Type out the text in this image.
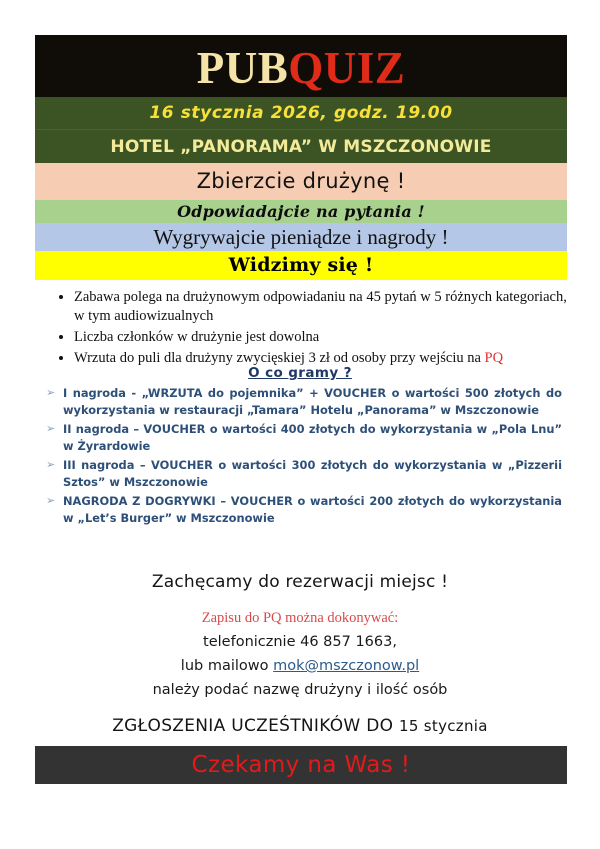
PUBQUIZ
16 stycznia 2026, godz. 19.00
HOTEL „PANORAMA” W MSZCZONOWIE
Zbierzcie drużynę !
Odpowiadajcie na pytania !
Wygrywajcie pieniądze i nagrody !
Widzimy się !
• Zabawa polega na drużynowym odpowiadaniu na 45 pytań w 5 różnych kategoriach, w tym audiowizualnych
• Liczba członków w drużynie jest dowolna
• Wrzuta do puli dla drużyny zwycięskiej 3 zł od osoby przy wejściu na PQ
O co gramy ?
➢ I nagroda - „WRZUTA do pojemnika” + VOUCHER o wartości 500 złotych do wykorzystania w restauracji „Tamara” Hotelu „Panorama” w Mszczonowie
➢ II nagroda – VOUCHER o wartości 400 złotych do wykorzystania w „Pola Lnu” w Żyrardowie
➢ III nagroda – VOUCHER o wartości 300 złotych do wykorzystania w „Pizzerii Sztos” w Mszczonowie
➢ NAGRODA Z DOGRYWKI – VOUCHER o wartości 200 złotych do wykorzystania w „Let’s Burger” w Mszczonowie
Zachęcamy do rezerwacji miejsc !
Zapisu do PQ można dokonywać:
telefonicznie 46 857 1663,
lub mailowo mok@mszczonow.pl
należy podać nazwę drużyny i ilość osób
ZGŁOSZENIA UCZEŚTNIKÓW DO 15 stycznia
Czekamy na Was !
